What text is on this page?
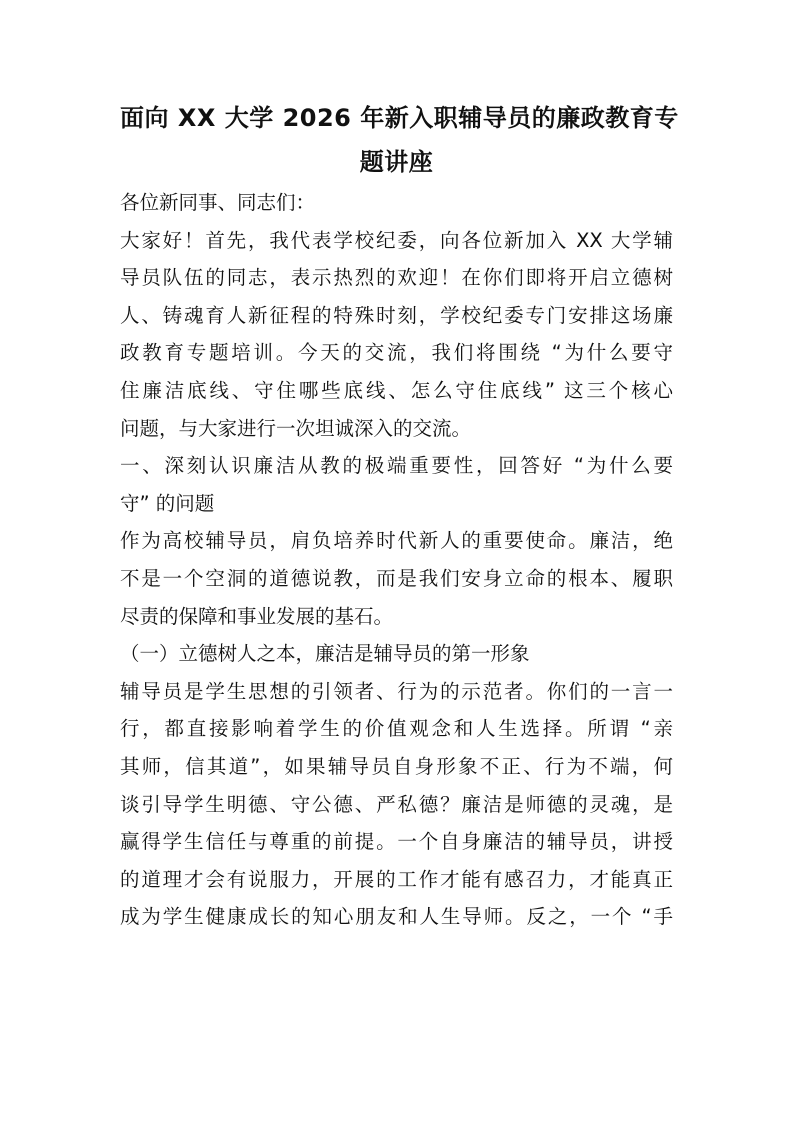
面向 XX 大学 2026 年新入职辅导员的廉政教育专
题讲座

各位新同事、同志们：

大家好！首先，我代表学校纪委，向各位新加入 XX 大学辅
导员队伍的同志，表示热烈的欢迎！在你们即将开启立德树
人、铸魂育人新征程的特殊时刻，学校纪委专门安排这场廉
政教育专题培训。今天的交流，我们将围绕 “为什么要守
住廉洁底线、守住哪些底线、怎么守住底线” 这三个核心
问题，与大家进行一次坦诚深入的交流。

一、深刻认识廉洁从教的极端重要性，回答好 “为什么要
守” 的问题

作为高校辅导员，肩负培养时代新人的重要使命。廉洁，绝
不是一个空洞的道德说教，而是我们安身立命的根本、履职
尽责的保障和事业发展的基石。

（一）立德树人之本，廉洁是辅导员的第一形象

辅导员是学生思想的引领者、行为的示范者。你们的一言一
行，都直接影响着学生的价值观念和人生选择。所谓 “亲
其师，信其道”，如果辅导员自身形象不正、行为不端，何
谈引导学生明德、守公德、严私德？廉洁是师德的灵魂，是
赢得学生信任与尊重的前提。一个自身廉洁的辅导员，讲授
的道理才会有说服力，开展的工作才能有感召力，才能真正
成为学生健康成长的知心朋友和人生导师。反之，一个 “手
